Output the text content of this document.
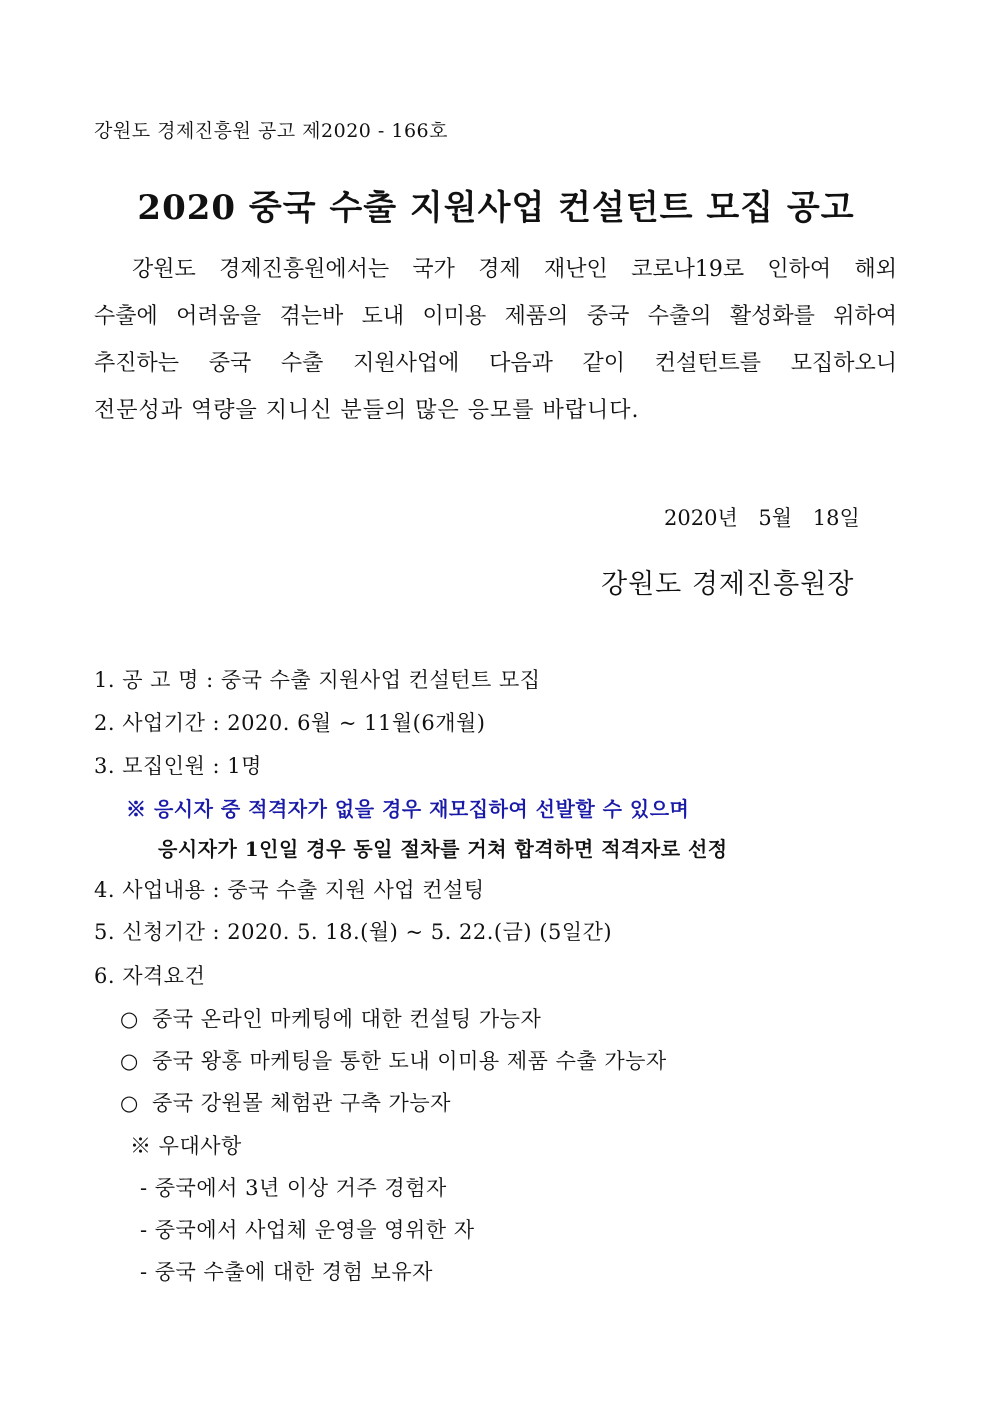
강원도 경제진흥원 공고 제2020 - 166호
2020 중국 수출 지원사업 컨설턴트 모집 공고
강원도 경제진흥원에서는 국가 경제 재난인 코로나19로 인하여 해외
수출에 어려움을 겪는바 도내 이미용 제품의 중국 수출의 활성화를 위하여
추진하는 중국 수출 지원사업에 다음과 같이 컨설턴트를 모집하오니
전문성과 역량을 지니신 분들의 많은 응모를 바랍니다.
2020년 5월 18일
강원도 경제진흥원장
1. 공 고 명 : 중국 수출 지원사업 컨설턴트 모집
2. 사업기간 : 2020. 6월 ~ 11월(6개월)
3. 모집인원 : 1명
※ 응시자 중 적격자가 없을 경우 재모집하여 선발할 수 있으며
응시자가 1인일 경우 동일 절차를 거쳐 합격하면 적격자로 선정
4. 사업내용 : 중국 수출 지원 사업 컨설팅
5. 신청기간 : 2020. 5. 18.(월) ~ 5. 22.(금) (5일간)
6. 자격요건
○ 중국 온라인 마케팅에 대한 컨설팅 가능자
○ 중국 왕홍 마케팅을 통한 도내 이미용 제품 수출 가능자
○ 중국 강원몰 체험관 구축 가능자
※ 우대사항
- 중국에서 3년 이상 거주 경험자
- 중국에서 사업체 운영을 영위한 자
- 중국 수출에 대한 경험 보유자
